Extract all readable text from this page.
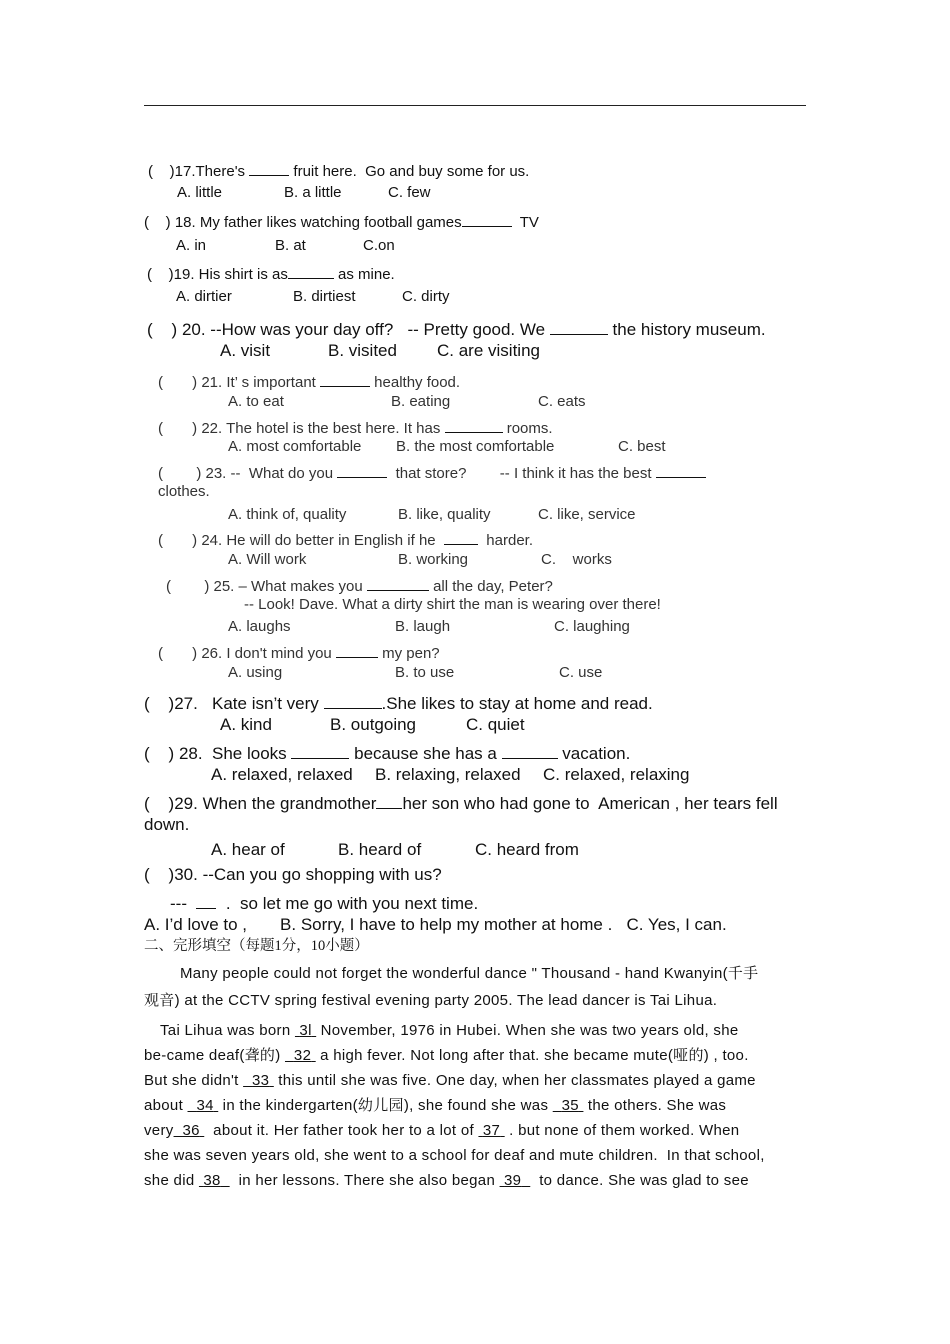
(    )17.There's	fruit here.  Go and buy some for us.
A. little	B. a little	C. few
(    ) 18. My father likes watching football games	TV
A. in	B. at	C.on
(    )19. His shirt is as	as mine.
A. dirtier	B. dirtiest	C. dirty
(    ) 20. --How was your day off?   -- Pretty good. We	the history museum.
A. visit	B. visited C. are visiting
(       ) 21. It’ s important	healthy food.
A. to eat	B. eating	C. eats
(       ) 22. The hotel is the best here. It has	rooms.
A. most comfortable B. the most comfortable	C. best
(        ) 23. --  What do you	that store?        -- I think it has the best
clothes.
A. think of, quality	B. like, quality	C. like, service
(       ) 24. He will do better in English if he    harder.
A. Will work	B. working	C.    works
(        ) 25. – What makes you	all the day, Peter?
-- Look! Dave. What a dirty shirt the man is wearing over there!
A. laughs	B. laugh	C. laughing
(       ) 26. I don't mind you	my pen?
A. using	B. to use	C. use
(    )27.   Kate isn’t very	.She likes to stay at home and read.
A. kind	B. outgoing	C. quiet
(    ) 28.  She looks	because she has a	vacation.
A. relaxed, relaxed B. relaxing, relaxed C. relaxed, relaxing
(    )29. When the grandmother her son who had gone to  American , her tears fell
down.
A. hear of	B. heard of	C. heard from
(    )30. --Can you go shopping with us?
---    .  so let me go with you next time.
A. I’d love to ,       B. Sorry, I have to help my mother at home .   C. Yes, I can.
二、完形填空（每题1分，10小题）
Many people could not forget the wonderful dance " Thousand - hand Kwanyin(千手
观音) at the CCTV spring festival evening party 2005. The lead dancer is Tai Lihua.
Tai Lihua was born  3l  November, 1976 in Hubei. When she was two years old, she
be-came deaf(聋的)   32  a high fever. Not long after that. she became mute(哑的) , too.
But she didn't   33  this until she was five. One day, when her classmates played a game
about   34  in the kindergarten(幼儿园), she found she was   35  the others. She was
very 36   about it. Her father took her to a lot of  37  . but none of them worked. When
she was seven years old, she went to a school for deaf and mute children.  In that school,
she did  38    in her lessons. There she also began  39    to dance. She was glad to see
